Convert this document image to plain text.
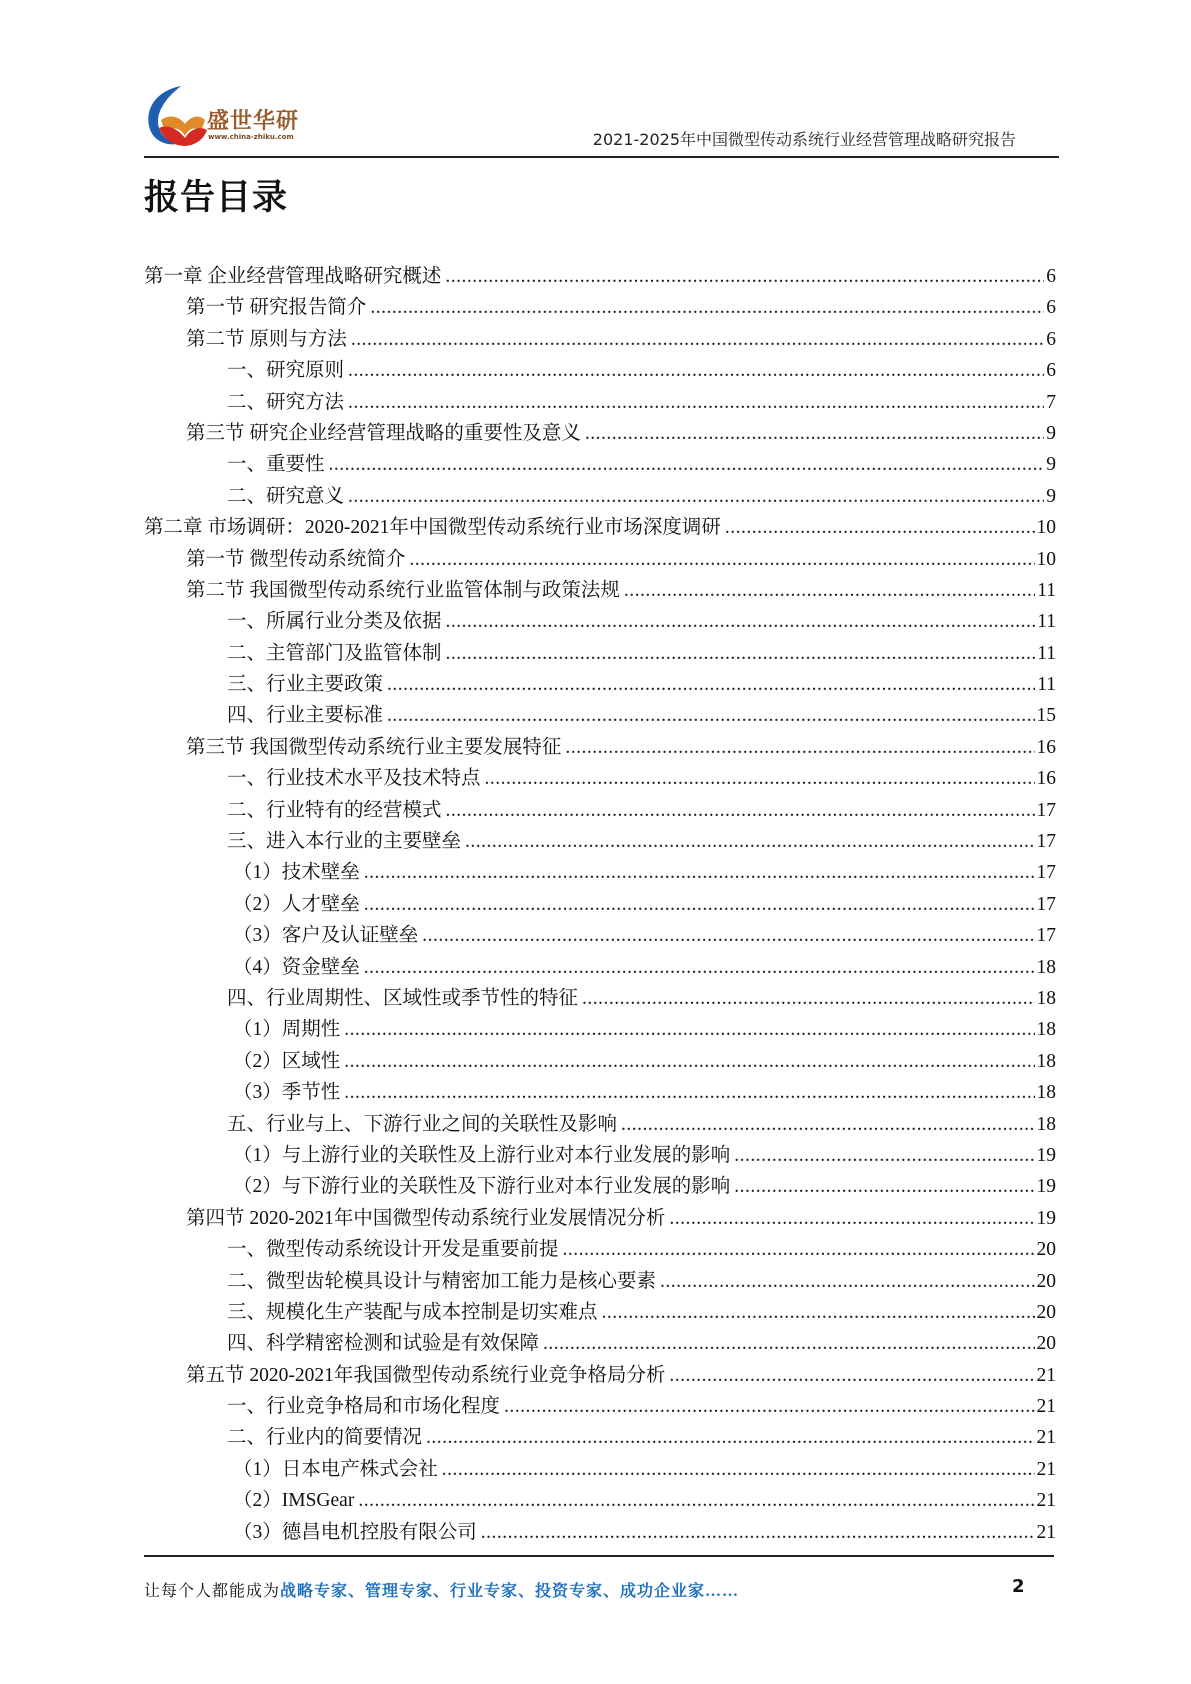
盛世华研
www.china-zhiku.com	2021-2025年中国微型传动系统行业经营管理战略研究报告
报告目录
第一章 企业经营管理战略研究概述 .....	6
第一节 研究报告简介 .....	6
第二节 原则与方法 .....	6
一、研究原则 .....	6
二、研究方法 .....	7
第三节 研究企业经营管理战略的重要性及意义 .....	9
一、重要性 .....	9
二、研究意义 .....	9
第二章 市场调研：2020-2021年中国微型传动系统行业市场深度调研 .....	10
第一节 微型传动系统简介 .....	10
第二节 我国微型传动系统行业监管体制与政策法规 .....	11
一、所属行业分类及依据 .....	11
二、主管部门及监管体制 .....	11
三、行业主要政策 .....	11
四、行业主要标准 .....	15
第三节 我国微型传动系统行业主要发展特征 .....	16
一、行业技术水平及技术特点 .....	16
二、行业特有的经营模式 .....	17
三、进入本行业的主要壁垒 .....	17
（1）技术壁垒 .....	17
（2）人才壁垒 .....	17
（3）客户及认证壁垒 .....	17
（4）资金壁垒 .....	18
四、行业周期性、区域性或季节性的特征 .....	18
（1）周期性 .....	18
（2）区域性 .....	18
（3）季节性 .....	18
五、行业与上、下游行业之间的关联性及影响 .....	18
（1）与上游行业的关联性及上游行业对本行业发展的影响 .....	19
（2）与下游行业的关联性及下游行业对本行业发展的影响 .....	19
第四节 2020-2021年中国微型传动系统行业发展情况分析 .....	19
一、微型传动系统设计开发是重要前提 .....	20
二、微型齿轮模具设计与精密加工能力是核心要素 .....	20
三、规模化生产装配与成本控制是切实难点 .....	20
四、科学精密检测和试验是有效保障 .....	20
第五节 2020-2021年我国微型传动系统行业竞争格局分析 .....	21
一、行业竞争格局和市场化程度 .....	21
二、行业内的简要情况 .....	21
（1）日本电产株式会社 .....	21
（2）IMSGear .....	21
（3）德昌电机控股有限公司 .....	21
让每个人都能成为战略专家、管理专家、行业专家、投资专家、成功企业家……	2
